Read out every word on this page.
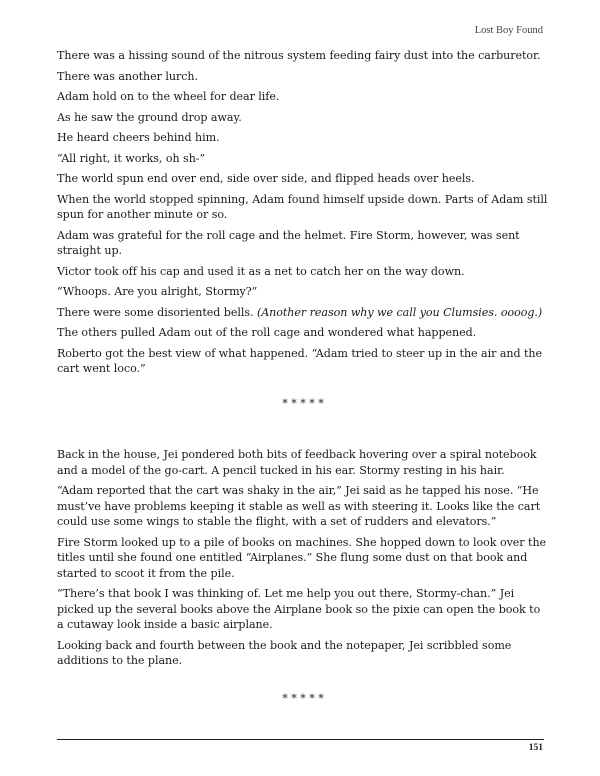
Lost Boy Found

There was a hissing sound of the nitrous system feeding fairy dust into the carburetor.

There was another lurch.

Adam hold on to the wheel for dear life.

As he saw the ground drop away.

He heard cheers behind him.

“All right, it works, oh sh-”

The world spun end over end, side over side, and flipped heads over heels.

When the world stopped spinning, Adam found himself upside down. Parts of Adam still spun for another minute or so.

Adam was grateful for the roll cage and the helmet. Fire Storm, however, was sent straight up.

Victor took off his cap and used it as a net to catch her on the way down.

“Whoops. Are you alright, Stormy?”

There were some disoriented bells. (Another reason why we call you Clumsies. oooog.)

The others pulled Adam out of the roll cage and wondered what happened.

Roberto got the best view of what happened. “Adam tried to steer up in the air and the cart went loco.”

* * * * *

Back in the house, Jei pondered both bits of feedback hovering over a spiral notebook and a model of the go-cart. A pencil tucked in his ear. Stormy resting in his hair.

“Adam reported that the cart was shaky in the air,” Jei said as he tapped his nose. “He must’ve have problems keeping it stable as well as with steering it. Looks like the cart could use some wings to stable the flight, with a set of rudders and elevators.”

Fire Storm looked up to a pile of books on machines. She hopped down to look over the titles until she found one entitled “Airplanes.” She flung some dust on that book and started to scoot it from the pile.

“There’s that book I was thinking of. Let me help you out there, Stormy-chan.” Jei picked up the several books above the Airplane book so the pixie can open the book to a cutaway look inside a basic airplane.

Looking back and fourth between the book and the notepaper, Jei scribbled some additions to the plane.

* * * * *

151
